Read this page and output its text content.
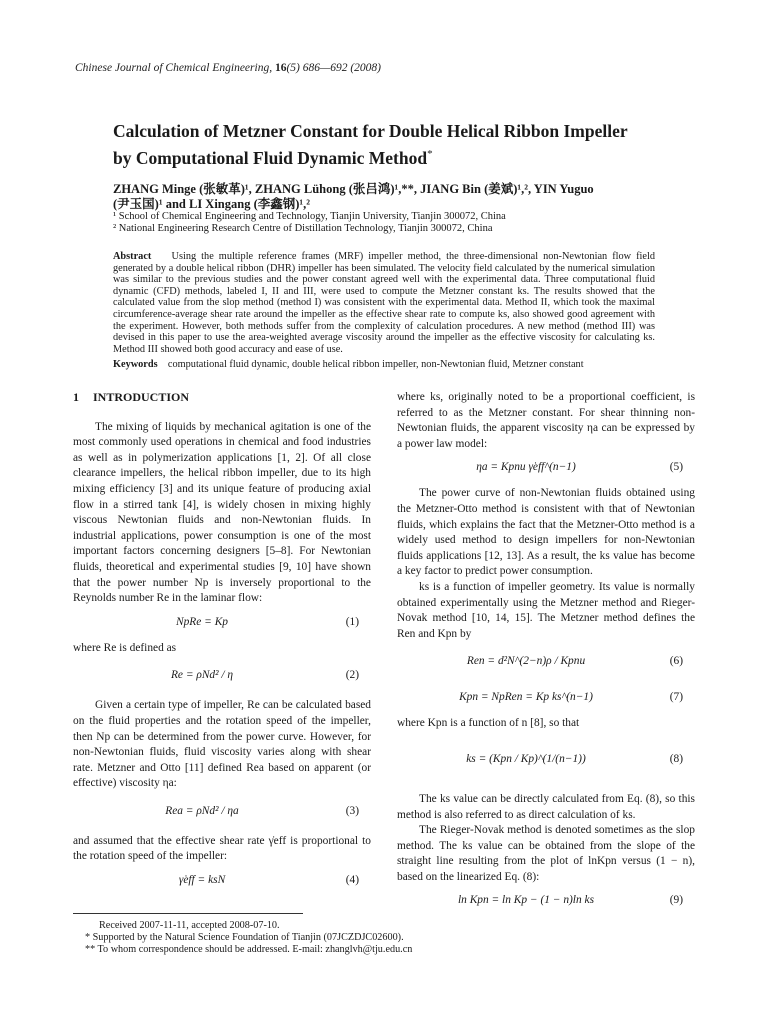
Chinese Journal of Chemical Engineering, 16(5) 686—692 (2008)
Calculation of Metzner Constant for Double Helical Ribbon Impeller
by Computational Fluid Dynamic Method*
ZHANG Minge (张敏革)¹, ZHANG Lühong (张吕鸿)¹,**, JIANG Bin (姜斌)¹,², YIN Yuguo
(尹玉国)¹ and LI Xingang (李鑫钢)¹,²
¹ School of Chemical Engineering and Technology, Tianjin University, Tianjin 300072, China
² National Engineering Research Centre of Distillation Technology, Tianjin 300072, China
Abstract Using the multiple reference frames (MRF) impeller method, the three-dimensional non-Newtonian flow field generated by a double helical ribbon (DHR) impeller has been simulated. The velocity field calculated by the numerical simulation was similar to the previous studies and the power constant agreed well with the experimental data. Three computational fluid dynamic (CFD) methods, labeled I, II and III, were used to compute the Metzner constant ks. The results showed that the calculated value from the slop method (method I) was consistent with the experimental data. Method II, which took the maximal circumference-average shear rate around the impeller as the effective shear rate to compute ks, also showed good agreement with the experiment. However, both methods suffer from the complexity of calculation procedures. A new method (method III) was devised in this paper to use the area-weighted average viscosity around the impeller as the effective viscosity for calculating ks. Method III showed both good accuracy and ease of use.
Keywords computational fluid dynamic, double helical ribbon impeller, non-Newtonian fluid, Metzner constant
1 INTRODUCTION

The mixing of liquids by mechanical agitation is one of the most commonly used operations in chemical and food industries as well as in polymerization applications [1, 2]. Of all close clearance impellers, the helical ribbon impeller, due to its high mixing efficiency [3] and its unique feature of producing axial flow in a stirred tank [4], is widely chosen in mixing highly viscous Newtonian fluids and non-Newtonian fluids. In industrial applications, power consumption is one of the most important factors concerning designers [5–8]. For Newtonian fluids, theoretical and experimental studies [9, 10] have shown that the power number Np is inversely proportional to the Reynolds number Re in the laminar flow:

NpRe = Kp	(1)

where Re is defined as

Re = ρNd² / η	(2)

Given a certain type of impeller, Re can be calculated based on the fluid properties and the rotation speed of the impeller, then Np can be determined from the power curve. However, for non-Newtonian fluids, fluid viscosity varies along with shear rate. Metzner and Otto [11] defined Rea based on apparent (or effective) viscosity ηa:

Rea = ρNd² / ηa	(3)

and assumed that the effective shear rate γ̇eff is proportional to the rotation speed of the impeller:

γ̇eff = ksN	(4)

where ks, originally noted to be a proportional coefficient, is referred to as the Metzner constant. For shear thinning non-Newtonian fluids, the apparent viscosity ηa can be expressed by a power law model:

ηa = Kpnu γ̇eff^(n−1)	(5)

The power curve of non-Newtonian fluids obtained using the Metzner-Otto method is consistent with that of Newtonian fluids, which explains the fact that the Metzner-Otto method is a widely used method to design impellers for non-Newtonian fluids applications [12, 13]. As a result, the ks value has become a key factor to predict power consumption.

ks is a function of impeller geometry. Its value is normally obtained experimentally using the Metzner method and Rieger-Novak method [10, 14, 15]. The Metzner method defines the Ren and Kpn by

Ren = d²N^(2−n)ρ / Kpnu	(6)
Kpn = NpRen = Kp ks^(n−1)	(7)

where Kpn is a function of n [8], so that

ks = (Kpn / Kp)^(1/(n−1))	(8)

The ks value can be directly calculated from Eq. (8), so this method is also referred to as direct calculation of ks.

The Rieger-Novak method is denoted sometimes as the slop method. The ks value can be obtained from the slope of the straight line resulting from the plot of lnKpn versus (1 − n), based on the linearized Eq. (8):

ln Kpn = ln Kp − (1 − n)ln ks	(9)
Received 2007-11-11, accepted 2008-07-10.
* Supported by the Natural Science Foundation of Tianjin (07JCZDJC02600).
** To whom correspondence should be addressed. E-mail: zhanglvh@tju.edu.cn
